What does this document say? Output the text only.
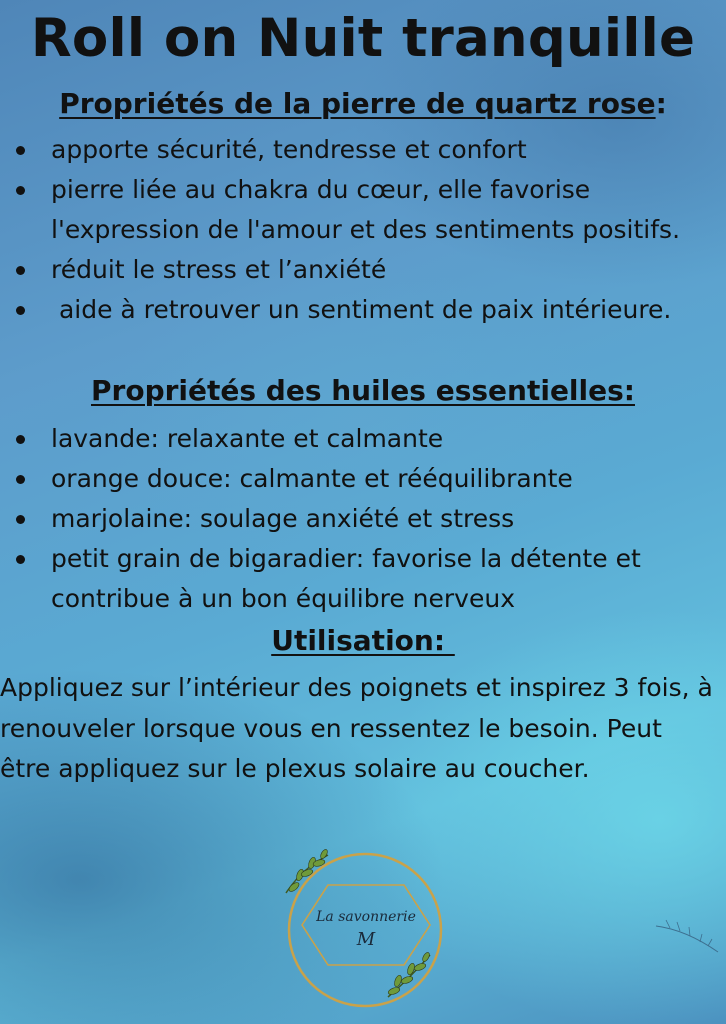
Roll on Nuit tranquille
Propriétés de la pierre de quartz rose:
apporte sécurité, tendresse et confort
pierre liée au chakra du cœur, elle favorise l'expression de l'amour et des sentiments positifs.
réduit le stress et l’anxiété
aide à retrouver un sentiment de paix intérieure.
Propriétés des huiles essentielles:
lavande: relaxante et calmante
orange douce: calmante et rééquilibrante
marjolaine: soulage anxiété et stress
petit grain de bigaradier: favorise la détente et contribue à un bon équilibre nerveux
Utilisation:

Appliquez sur l’intérieur des poignets et inspirez 3 fois, à renouveler lorsque vous en ressentez le besoin. Peut être appliquez sur le plexus solaire au coucher.

La savonnerie
M
